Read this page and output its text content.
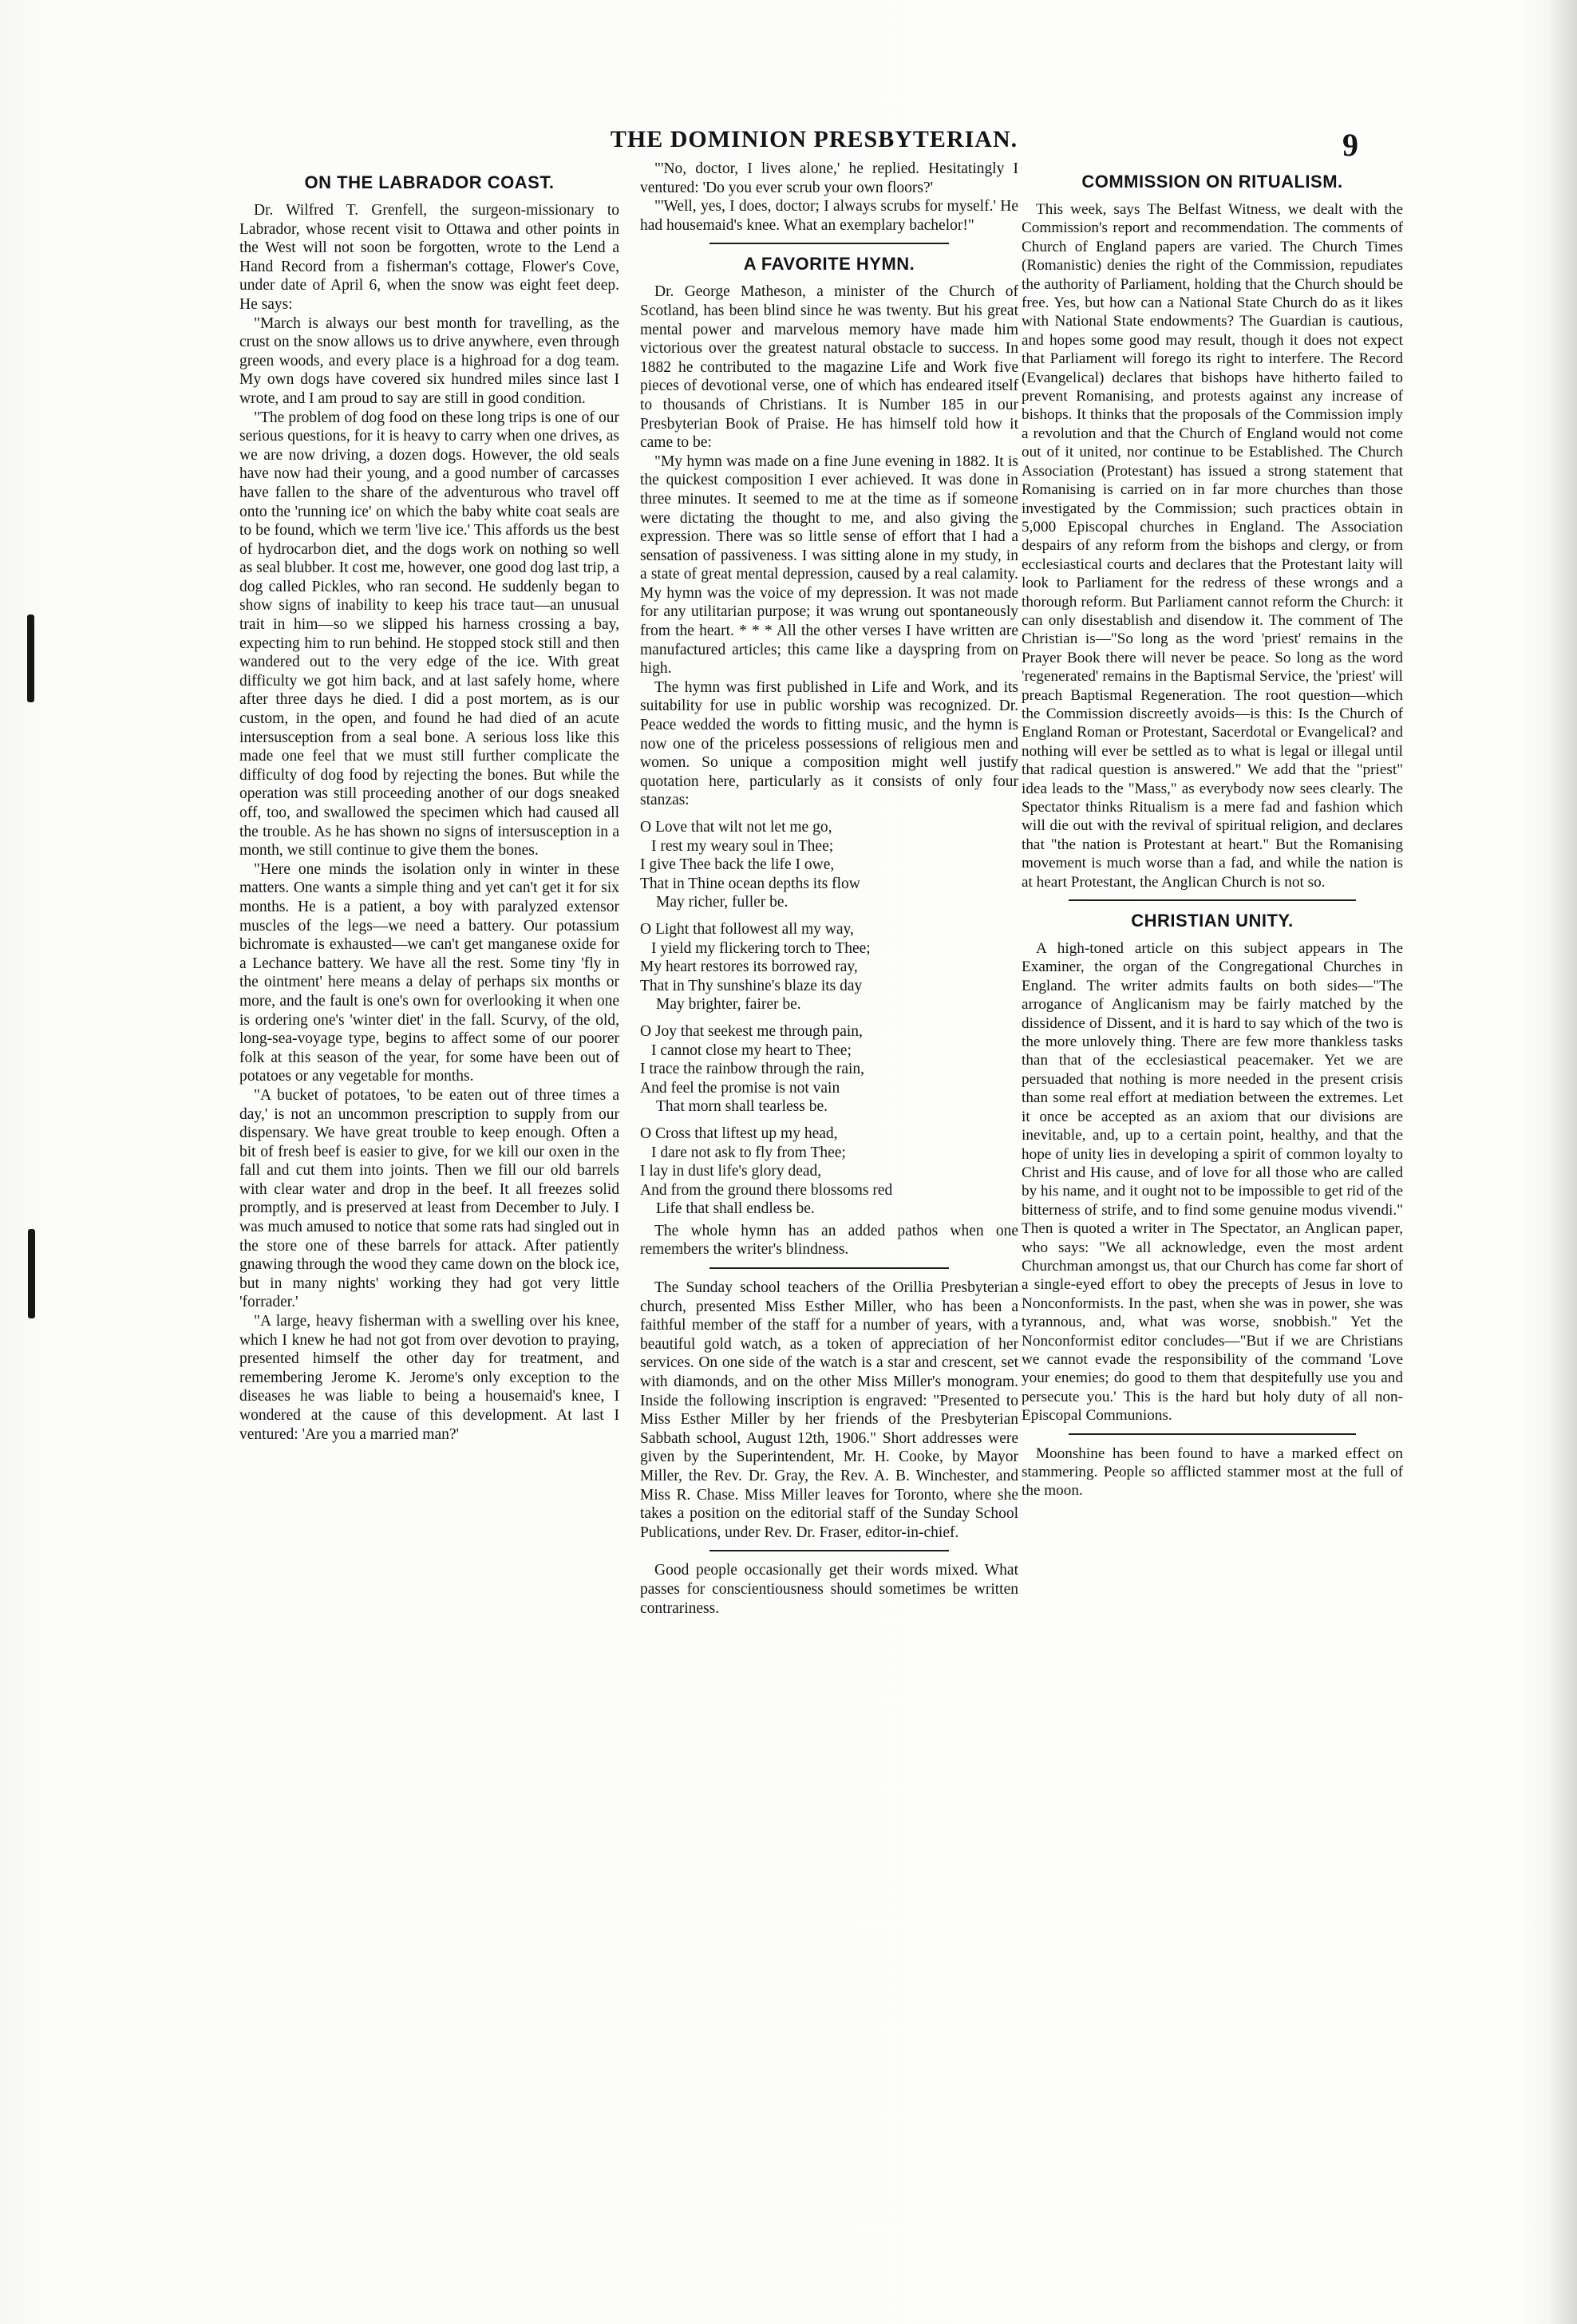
THE DOMINION PRESBYTERIAN.	9
ON THE LABRADOR COAST.

Dr. Wilfred T. Grenfell, the surgeon-missionary to Labrador, whose recent visit to Ottawa and other points in the West will not soon be forgotten, wrote to the Lend a Hand Record from a fisherman's cottage, Flower's Cove, under date of April 6, when the snow was eight feet deep. He says:

"March is always our best month for travelling, as the crust on the snow allows us to drive anywhere, even through green woods, and every place is a highroad for a dog team. My own dogs have covered six hundred miles since last I wrote, and I am proud to say are still in good condition.

"The problem of dog food on these long trips is one of our serious questions, for it is heavy to carry when one drives, as we are now driving, a dozen dogs. However, the old seals have now had their young, and a good number of carcasses have fallen to the share of the adventurous who travel off onto the 'running ice' on which the baby white coat seals are to be found, which we term 'live ice.' This affords us the best of hydrocarbon diet, and the dogs work on nothing so well as seal blubber. It cost me, however, one good dog last trip, a dog called Pickles, who ran second. He suddenly began to show signs of inability to keep his trace taut—an unusual trait in him—so we slipped his harness crossing a bay, expecting him to run behind. He stopped stock still and then wandered out to the very edge of the ice. With great difficulty we got him back, and at last safely home, where after three days he died. I did a post mortem, as is our custom, in the open, and found he had died of an acute intersusception from a seal bone. A serious loss like this made one feel that we must still further complicate the difficulty of dog food by rejecting the bones. But while the operation was still proceeding another of our dogs sneaked off, too, and swallowed the specimen which had caused all the trouble. As he has shown no signs of intersusception in a month, we still continue to give them the bones.

"Here one minds the isolation only in winter in these matters. One wants a simple thing and yet can't get it for six months. He is a patient, a boy with paralyzed extensor muscles of the legs—we need a battery. Our potassium bichromate is exhausted—we can't get manganese oxide for a Lechance battery. We have all the rest. Some tiny 'fly in the ointment' here means a delay of perhaps six months or more, and the fault is one's own for overlooking it when one is ordering one's 'winter diet' in the fall. Scurvy, of the old, long-sea-voyage type, begins to affect some of our poorer folk at this season of the year, for some have been out of potatoes or any vegetable for months.

"A bucket of potatoes, 'to be eaten out of three times a day,' is not an uncommon prescription to supply from our dispensary. We have great trouble to keep enough. Often a bit of fresh beef is easier to give, for we kill our oxen in the fall and cut them into joints. Then we fill our old barrels with clear water and drop in the beef. It all freezes solid promptly, and is preserved at least from December to July. I was much amused to notice that some rats had singled out in the store one of these barrels for attack. After patiently gnawing through the wood they came down on the block ice, but in many nights' working they had got very little 'forrader.'

"A large, heavy fisherman with a swelling over his knee, which I knew he had not got from over devotion to praying, presented himself the other day for treatment, and remembering Jerome K. Jerome's only exception to the diseases he was liable to being a housemaid's knee, I wondered at the cause of this development. At last I ventured: 'Are you a married man?'

"'No, doctor, I lives alone,' he replied. Hesitatingly I ventured: 'Do you ever scrub your own floors?'

"'Well, yes, I does, doctor; I always scrubs for myself.' He had housemaid's knee. What an exemplary bachelor!"

A FAVORITE HYMN.

Dr. George Matheson, a minister of the Church of Scotland, has been blind since he was twenty. But his great mental power and marvelous memory have made him victorious over the greatest natural obstacle to success. In 1882 he contributed to the magazine Life and Work five pieces of devotional verse, one of which has endeared itself to thousands of Christians. It is Number 185 in our Presbyterian Book of Praise. He has himself told how it came to be:

"My hymn was made on a fine June evening in 1882. It is the quickest composition I ever achieved. It was done in three minutes. It seemed to me at the time as if someone were dictating the thought to me, and also giving the expression. There was so little sense of effort that I had a sensation of passiveness. I was sitting alone in my study, in a state of great mental depression, caused by a real calamity. My hymn was the voice of my depression. It was not made for any utilitarian purpose; it was wrung out spontaneously from the heart. * * * All the other verses I have written are manufactured articles; this came like a dayspring from on high.

The hymn was first published in Life and Work, and its suitability for use in public worship was recognized. Dr. Peace wedded the words to fitting music, and the hymn is now one of the priceless possessions of religious men and women. So unique a composition might well justify quotation here, particularly as it consists of only four stanzas:

O Love that wilt not let me go,
I rest my weary soul in Thee;
I give Thee back the life I owe,
That in Thine ocean depths its flow
May richer, fuller be.
O Light that followest all my way,
I yield my flickering torch to Thee;
My heart restores its borrowed ray,
That in Thy sunshine's blaze its day
May brighter, fairer be.
O Joy that seekest me through pain,
I cannot close my heart to Thee;
I trace the rainbow through the rain,
And feel the promise is not vain
That morn shall tearless be.
O Cross that liftest up my head,
I dare not ask to fly from Thee;
I lay in dust life's glory dead,
And from the ground there blossoms red
Life that shall endless be.

The whole hymn has an added pathos when one remembers the writer's blindness.

The Sunday school teachers of the Orillia Presbyterian church, presented Miss Esther Miller, who has been a faithful member of the staff for a number of years, with a beautiful gold watch, as a token of appreciation of her services. On one side of the watch is a star and crescent, set with diamonds, and on the other Miss Miller's monogram. Inside the following inscription is engraved: "Presented to Miss Esther Miller by her friends of the Presbyterian Sabbath school, August 12th, 1906." Short addresses were given by the Superintendent, Mr. H. Cooke, by Mayor Miller, the Rev. Dr. Gray, the Rev. A. B. Winchester, and Miss R. Chase. Miss Miller leaves for Toronto, where she takes a position on the editorial staff of the Sunday School Publications, under Rev. Dr. Fraser, editor-in-chief.

Good people occasionally get their words mixed. What passes for conscientiousness should sometimes be written contrariness.

COMMISSION ON RITUALISM.

This week, says The Belfast Witness, we dealt with the Commission's report and recommendation. The comments of Church of England papers are varied. The Church Times (Romanistic) denies the right of the Commission, repudiates the authority of Parliament, holding that the Church should be free. Yes, but how can a National State Church do as it likes with National State endowments? The Guardian is cautious, and hopes some good may result, though it does not expect that Parliament will forego its right to interfere. The Record (Evangelical) declares that bishops have hitherto failed to prevent Romanising, and protests against any increase of bishops. It thinks that the proposals of the Commission imply a revolution and that the Church of England would not come out of it united, nor continue to be Established. The Church Association (Protestant) has issued a strong statement that Romanising is carried on in far more churches than those investigated by the Commission; such practices obtain in 5,000 Episcopal churches in England. The Association despairs of any reform from the bishops and clergy, or from ecclesiastical courts and declares that the Protestant laity will look to Parliament for the redress of these wrongs and a thorough reform. But Parliament cannot reform the Church: it can only disestablish and disendow it. The comment of The Christian is—"So long as the word 'priest' remains in the Prayer Book there will never be peace. So long as the word 'regenerated' remains in the Baptismal Service, the 'priest' will preach Baptismal Regeneration. The root question—which the Commission discreetly avoids—is this: Is the Church of England Roman or Protestant, Sacerdotal or Evangelical? and nothing will ever be settled as to what is legal or illegal until that radical question is answered." We add that the "priest" idea leads to the "Mass," as everybody now sees clearly. The Spectator thinks Ritualism is a mere fad and fashion which will die out with the revival of spiritual religion, and declares that "the nation is Protestant at heart." But the Romanising movement is much worse than a fad, and while the nation is at heart Protestant, the Anglican Church is not so.

CHRISTIAN UNITY.

A high-toned article on this subject appears in The Examiner, the organ of the Congregational Churches in England. The writer admits faults on both sides—"The arrogance of Anglicanism may be fairly matched by the dissidence of Dissent, and it is hard to say which of the two is the more unlovely thing. There are few more thankless tasks than that of the ecclesiastical peacemaker. Yet we are persuaded that nothing is more needed in the present crisis than some real effort at mediation between the extremes. Let it once be accepted as an axiom that our divisions are inevitable, and, up to a certain point, healthy, and that the hope of unity lies in developing a spirit of common loyalty to Christ and His cause, and of love for all those who are called by his name, and it ought not to be impossible to get rid of the bitterness of strife, and to find some genuine modus vivendi." Then is quoted a writer in The Spectator, an Anglican paper, who says: "We all acknowledge, even the most ardent Churchman amongst us, that our Church has come far short of a single-eyed effort to obey the precepts of Jesus in love to Nonconformists. In the past, when she was in power, she was tyrannous, and, what was worse, snobbish." Yet the Nonconformist editor concludes—"But if we are Christians we cannot evade the responsibility of the command 'Love your enemies; do good to them that despitefully use you and persecute you.' This is the hard but holy duty of all non-Episcopal Communions.

Moonshine has been found to have a marked effect on stammering. People so afflicted stammer most at the full of the moon.
